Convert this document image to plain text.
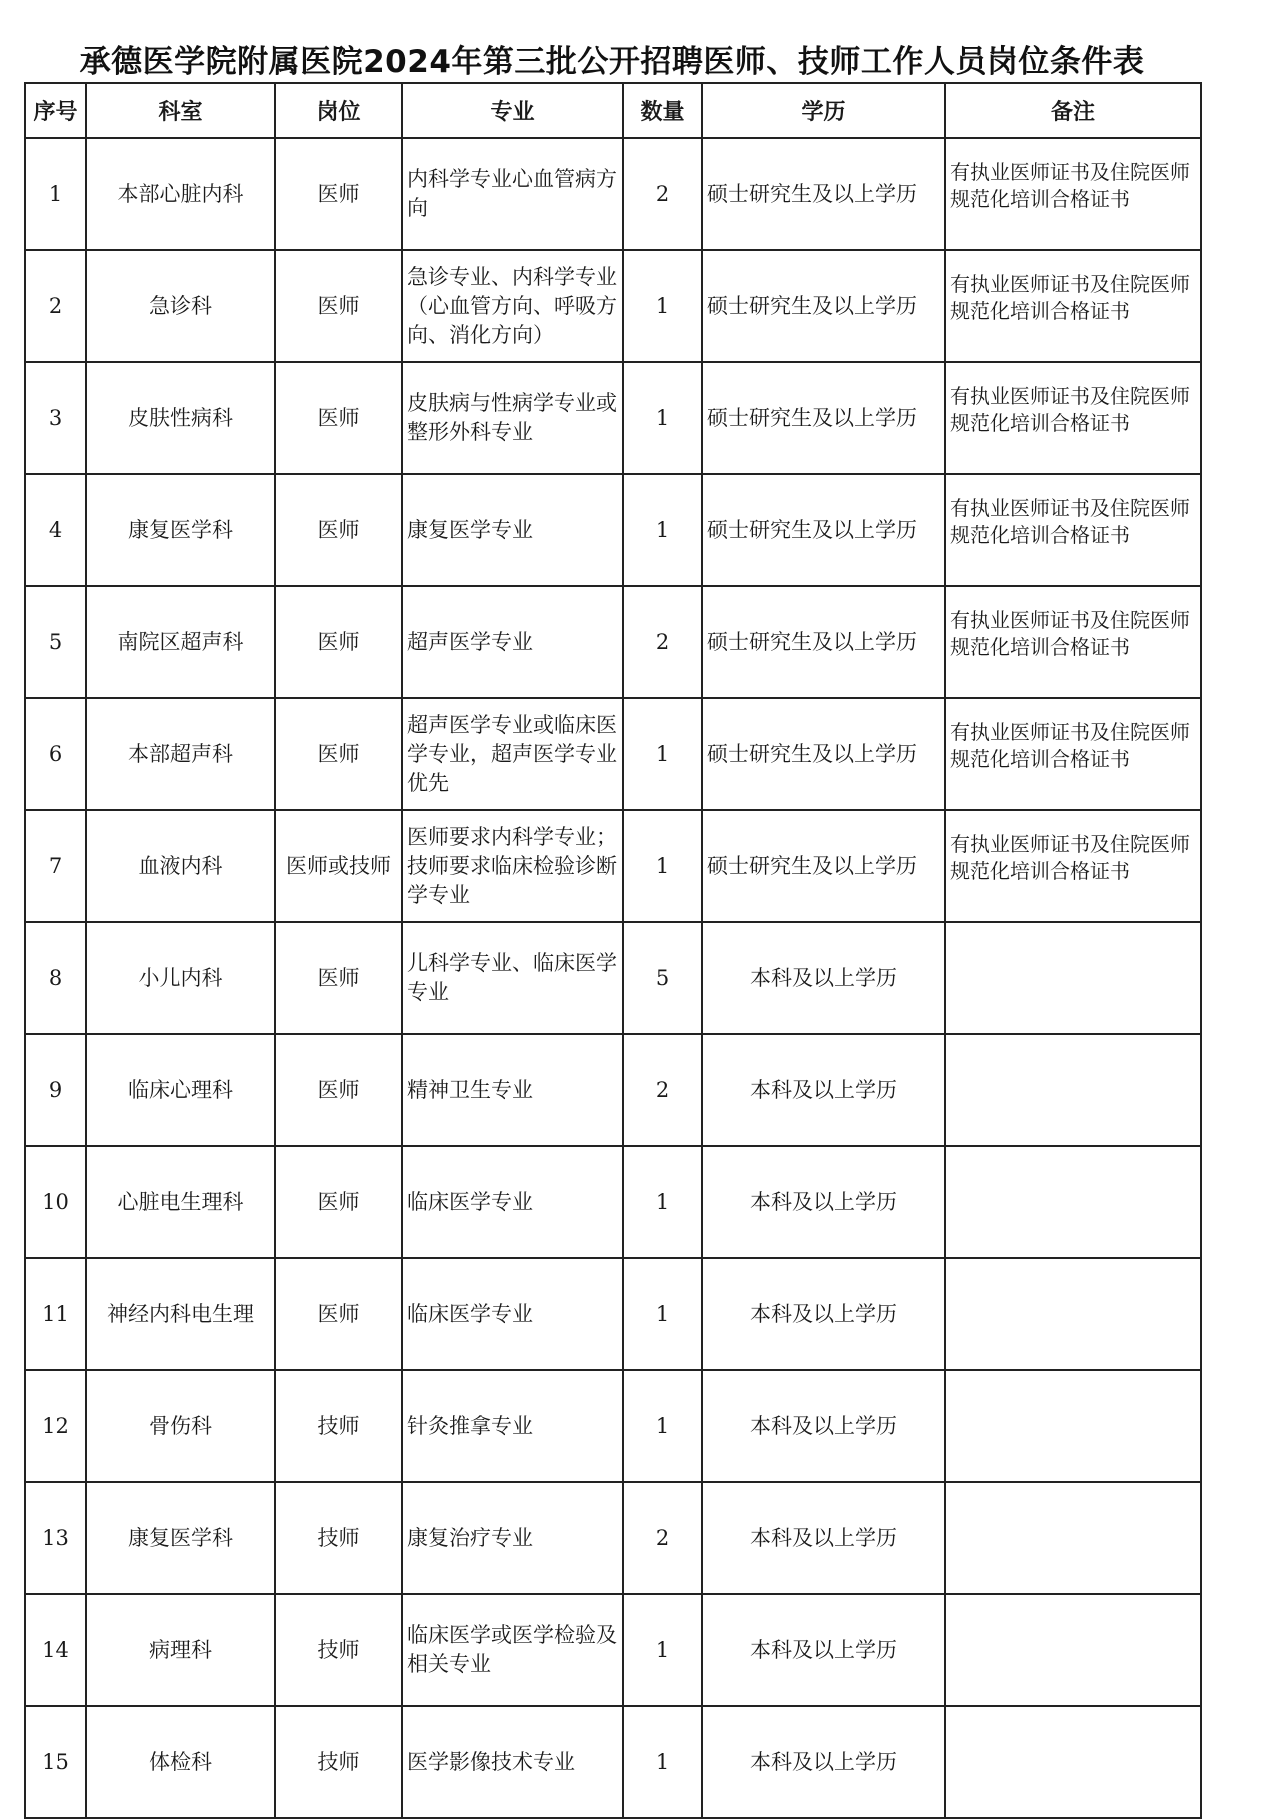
承德医学院附属医院2024年第三批公开招聘医师、技师工作人员岗位条件表
序号	科室	岗位	专业	数量	学历	备注
1	本部心脏内科	医师	内科学专业心血管病方向	2	硕士研究生及以上学历	有执业医师证书及住院医师规范化培训合格证书
2	急诊科	医师	急诊专业、内科学专业（心血管方向、呼吸方向、消化方向）	1	硕士研究生及以上学历	有执业医师证书及住院医师规范化培训合格证书
3	皮肤性病科	医师	皮肤病与性病学专业或整形外科专业	1	硕士研究生及以上学历	有执业医师证书及住院医师规范化培训合格证书
4	康复医学科	医师	康复医学专业	1	硕士研究生及以上学历	有执业医师证书及住院医师规范化培训合格证书
5	南院区超声科	医师	超声医学专业	2	硕士研究生及以上学历	有执业医师证书及住院医师规范化培训合格证书
6	本部超声科	医师	超声医学专业或临床医学专业，超声医学专业优先	1	硕士研究生及以上学历	有执业医师证书及住院医师规范化培训合格证书
7	血液内科	医师或技师	医师要求内科学专业；技师要求临床检验诊断学专业	1	硕士研究生及以上学历	有执业医师证书及住院医师规范化培训合格证书
8	小儿内科	医师	儿科学专业、临床医学专业	5	本科及以上学历	
9	临床心理科	医师	精神卫生专业	2	本科及以上学历	
10	心脏电生理科	医师	临床医学专业	1	本科及以上学历	
11	神经内科电生理	医师	临床医学专业	1	本科及以上学历	
12	骨伤科	技师	针灸推拿专业	1	本科及以上学历	
13	康复医学科	技师	康复治疗专业	2	本科及以上学历	
14	病理科	技师	临床医学或医学检验及相关专业	1	本科及以上学历	
15	体检科	技师	医学影像技术专业	1	本科及以上学历	
